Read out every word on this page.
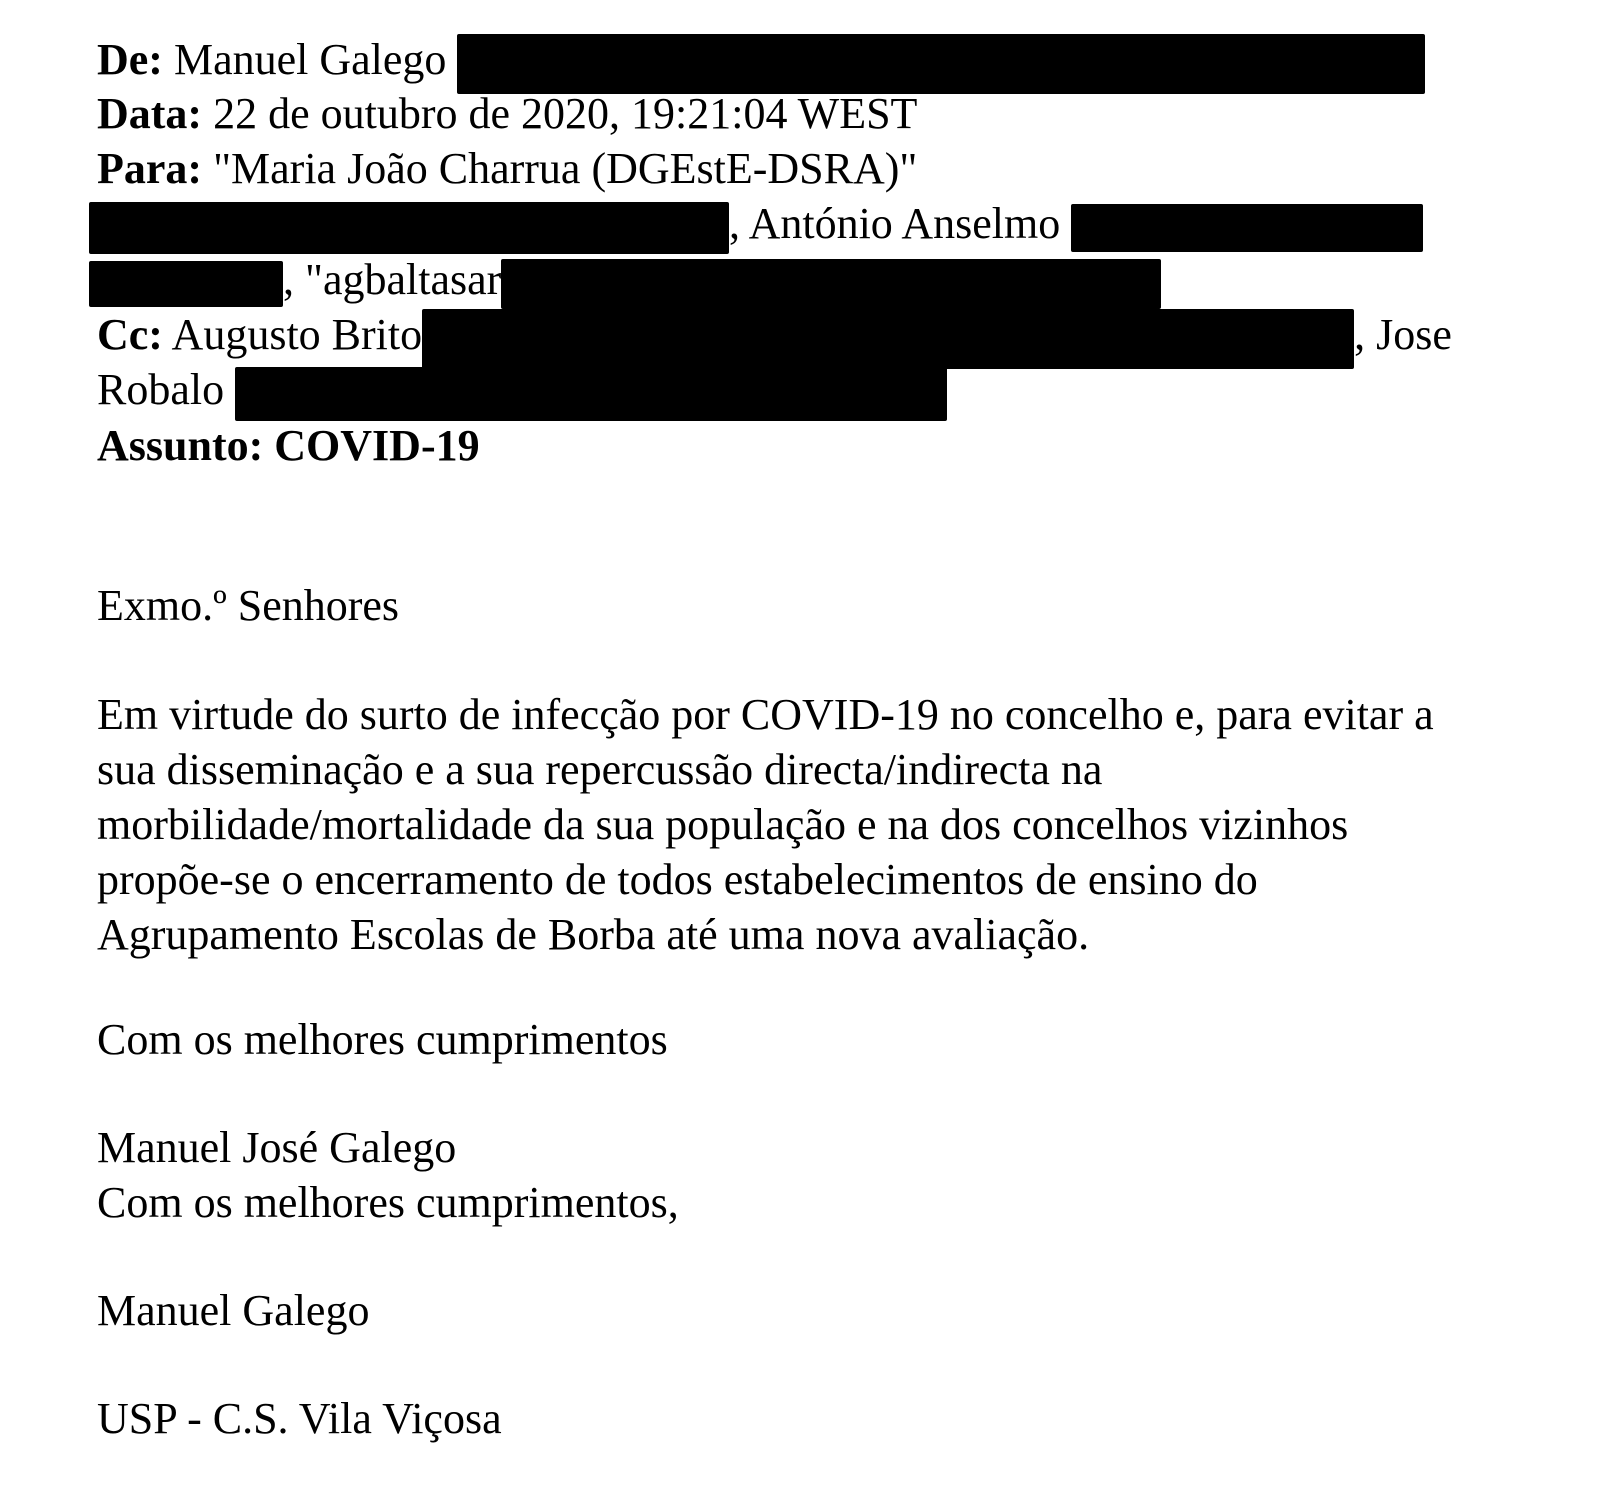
De: Manuel Galego
Data: 22 de outubro de 2020, 19:21:04 WEST
Para: "Maria João Charrua (DGEstE-DSRA)"
, António Anselmo
, "agbaltasar
Cc: Augusto Brito	, Jose
Robalo
Assunto: COVID-19
Exmo.º Senhores
Em virtude do surto de infecção por COVID-19 no concelho e, para evitar a
sua disseminação e a sua repercussão directa/indirecta na
morbilidade/mortalidade da sua população e na dos concelhos vizinhos
propõe-se o encerramento de todos estabelecimentos de ensino do
Agrupamento Escolas de Borba até uma nova avaliação.
Com os melhores cumprimentos
Manuel José Galego
Com os melhores cumprimentos,
Manuel Galego
USP - C.S. Vila Viçosa
